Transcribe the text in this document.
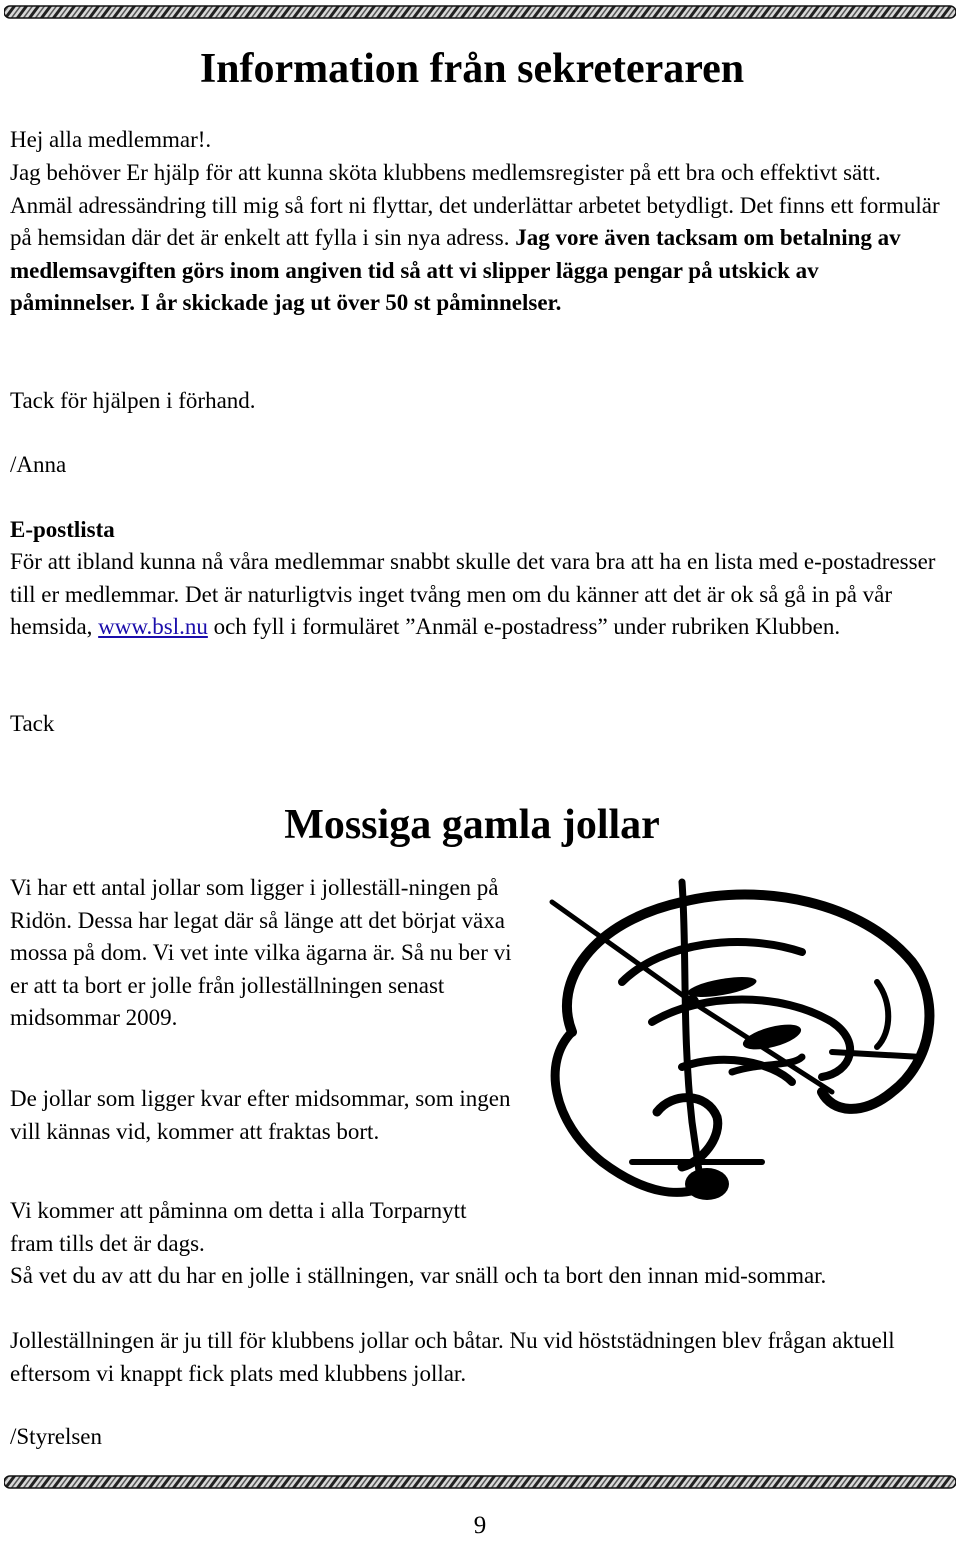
Information från sekreteraren
Hej alla medlemmar!.
Jag behöver Er hjälp för att kunna sköta klubbens medlemsregister på ett bra och effektivt sätt. Anmäl adressändring till mig så fort ni flyttar, det underlättar arbetet betydligt. Det finns ett formulär på hemsidan där det är enkelt att fylla i sin nya adress. Jag vore även tacksam om betalning av medlemsavgiften görs inom angiven tid så att vi slipper lägga pengar på utskick av påminnelser. I år skickade jag ut över 50 st påminnelser.
Tack för hjälpen i förhand.
/Anna
E-postlista
För att ibland kunna nå våra medlemmar snabbt skulle det vara bra att ha en lista med e-postadresser till er medlemmar. Det är naturligtvis inget tvång men om du känner att det är ok så gå in på vår hemsida, www.bsl.nu och fyll i formuläret ”Anmäl e-postadress” under rubriken Klubben.
Tack
Mossiga gamla jollar
Vi har ett antal jollar som ligger i jolleställ-ningen på Ridön. Dessa har legat där så länge att det börjat växa mossa på dom. Vi vet inte vilka ägarna är. Så nu ber vi er att ta bort er jolle från jolleställningen senast midsommar 2009.
De jollar som ligger kvar efter midsommar, som ingen vill kännas vid, kommer att fraktas bort.
Vi kommer att påminna om detta i alla Torparnytt fram tills det är dags.
Så vet du av att du har en jolle i ställningen, var snäll och ta bort den innan mid-sommar.
Jolleställningen är ju till för klubbens jollar och båtar. Nu vid höststädningen blev frågan aktuell eftersom vi knappt fick plats med klubbens jollar.
/Styrelsen
9
